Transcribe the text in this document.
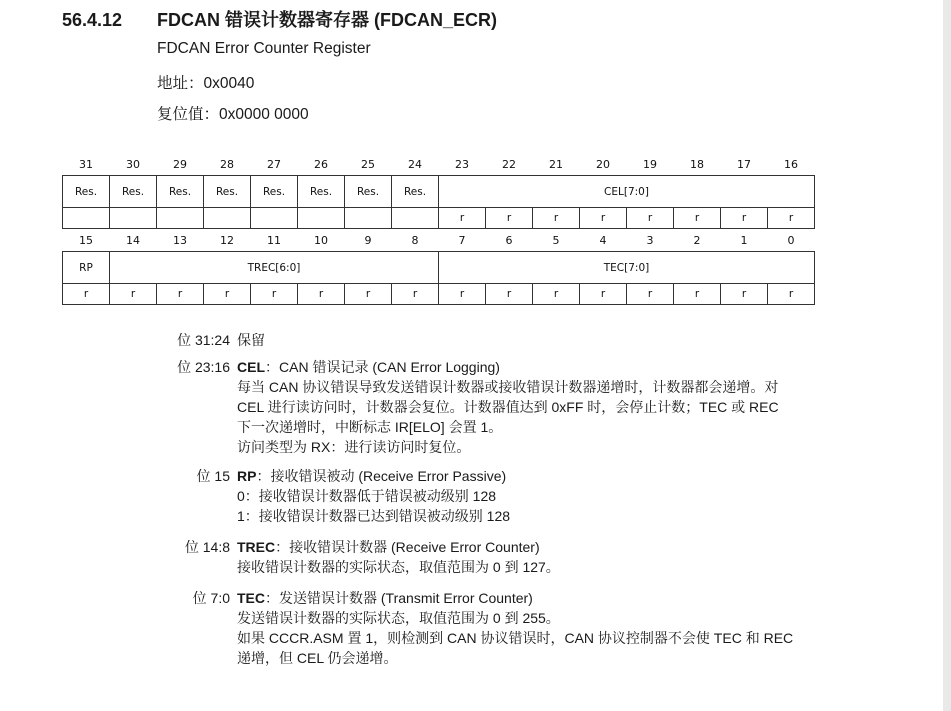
56.4.12 FDCAN 错误计数器寄存器 (FDCAN_ECR)
FDCAN Error Counter Register
地址：0x0040
复位值：0x0000 0000
31	30	29	28	27	26	25	24	23	22	21	20	19	18	17	16
Res.	Res.	Res.	Res.	Res.	Res.	Res.	Res.	CEL[7:0]							
								r	r	r	r	r	r	r	r
15	14	13	12	11	10	9	8	7	6	5	4	3	2	1	0
RP	TREC[6:0]							TEC[7:0]							
r	r	r	r	r	r	r	r	r	r	r	r	r	r	r	r
位 31:24 保留
位 23:16 CEL：CAN 错误记录 (CAN Error Logging)
每当 CAN 协议错误导致发送错误计数器或接收错误计数器递增时，计数器都会递增。对
CEL 进行读访问时，计数器会复位。计数器值达到 0xFF 时，会停止计数；TEC 或 REC
下一次递增时，中断标志 IR[ELO] 会置 1。
访问类型为 RX：进行读访问时复位。
位 15 RP：接收错误被动 (Receive Error Passive)
0：接收错误计数器低于错误被动级别 128
1：接收错误计数器已达到错误被动级别 128
位 14:8 TREC：接收错误计数器 (Receive Error Counter)
接收错误计数器的实际状态，取值范围为 0 到 127。
位 7:0 TEC：发送错误计数器 (Transmit Error Counter)
发送错误计数器的实际状态，取值范围为 0 到 255。
如果 CCCR.ASM 置 1，则检测到 CAN 协议错误时，CAN 协议控制器不会使 TEC 和 REC
递增，但 CEL 仍会递增。
